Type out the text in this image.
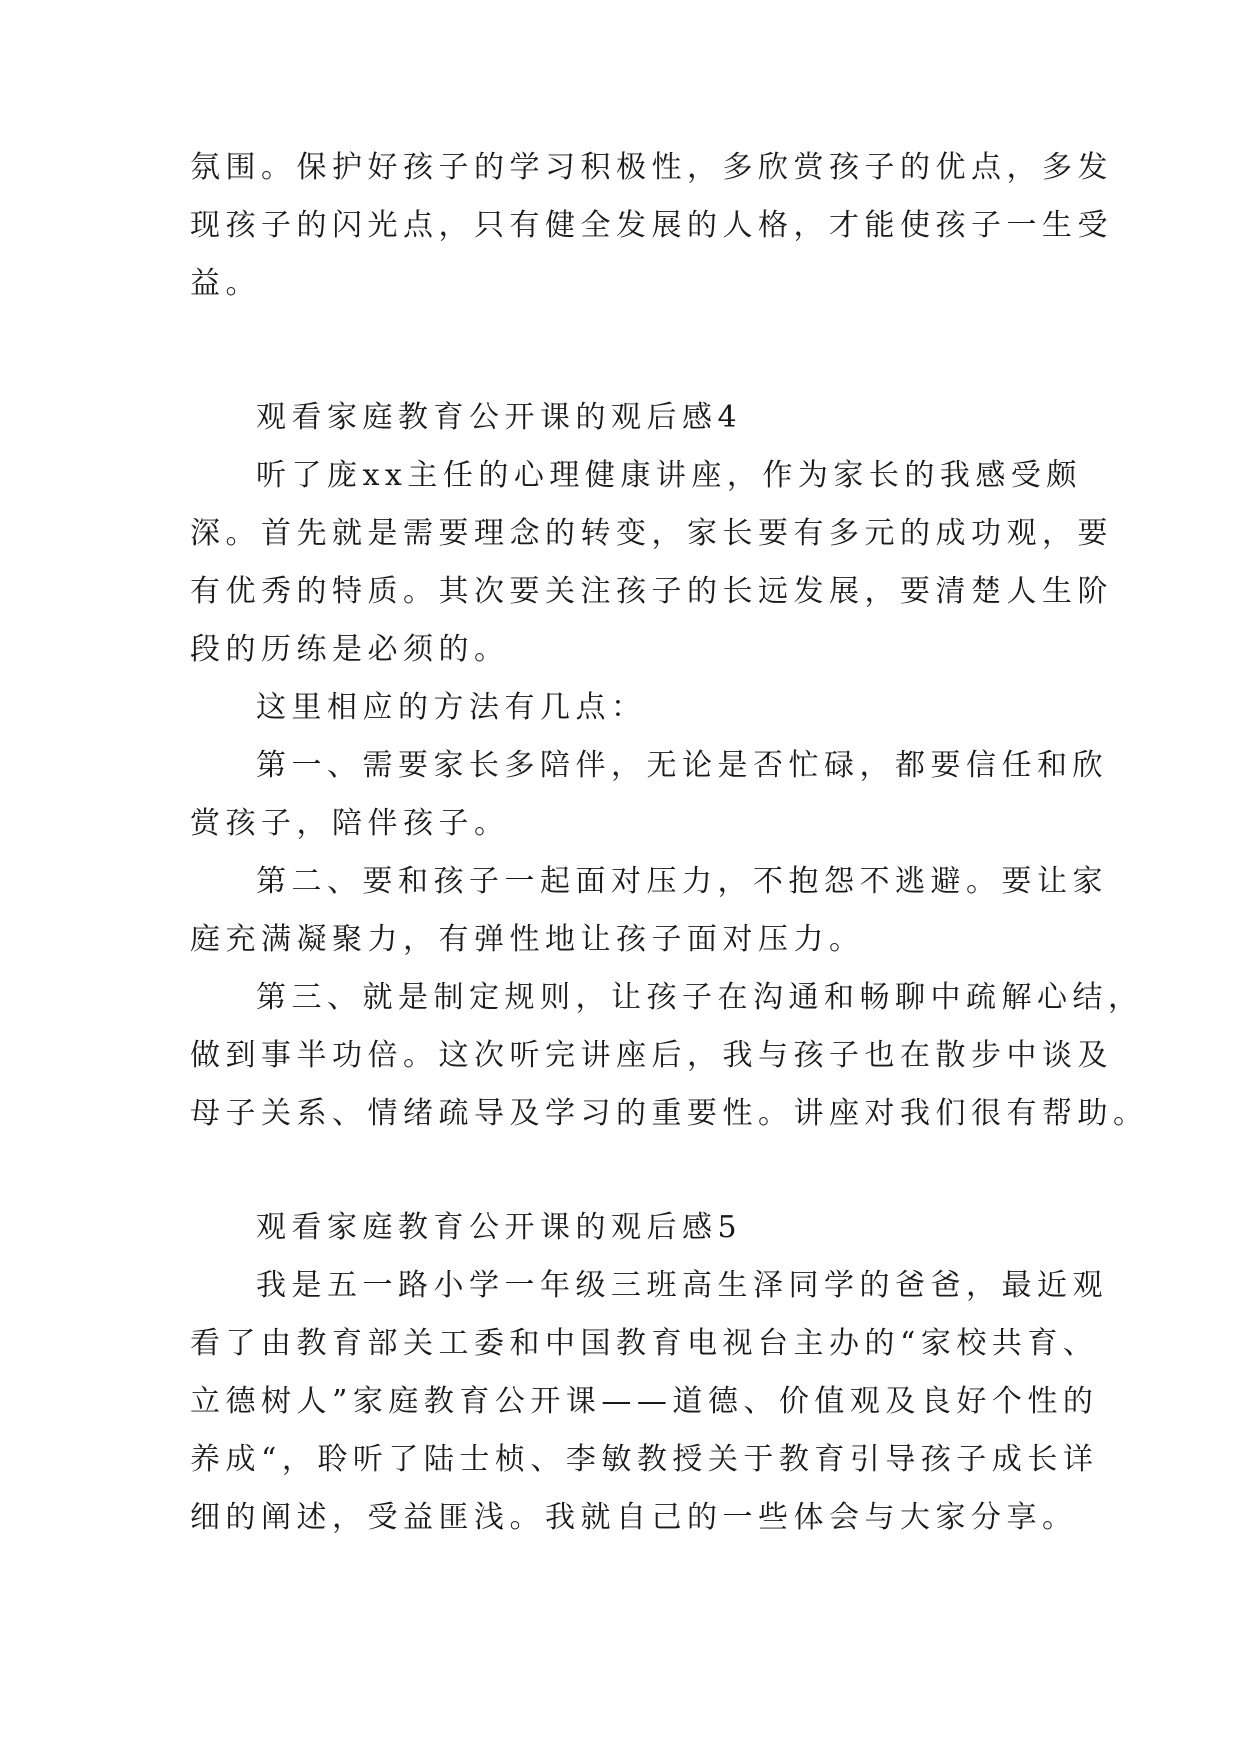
氛围。保护好孩子的学习积极性，多欣赏孩子的优点，多发
现孩子的闪光点，只有健全发展的人格，才能使孩子一生受
益。
观看家庭教育公开课的观后感4
听了庞xx主任的心理健康讲座，作为家长的我感受颇
深。首先就是需要理念的转变，家长要有多元的成功观，要
有优秀的特质。其次要关注孩子的长远发展，要清楚人生阶
段的历练是必须的。
这里相应的方法有几点：
第一、需要家长多陪伴，无论是否忙碌，都要信任和欣
赏孩子，陪伴孩子。
第二、要和孩子一起面对压力，不抱怨不逃避。要让家
庭充满凝聚力，有弹性地让孩子面对压力。
第三、就是制定规则，让孩子在沟通和畅聊中疏解心结，
做到事半功倍。这次听完讲座后，我与孩子也在散步中谈及
母子关系、情绪疏导及学习的重要性。讲座对我们很有帮助。
观看家庭教育公开课的观后感5
我是五一路小学一年级三班高生泽同学的爸爸，最近观
看了由教育部关工委和中国教育电视台主办的“家校共育、
立德树人”家庭教育公开课——道德、价值观及良好个性的
养成“，聆听了陆士桢、李敏教授关于教育引导孩子成长详
细的阐述，受益匪浅。我就自己的一些体会与大家分享。
